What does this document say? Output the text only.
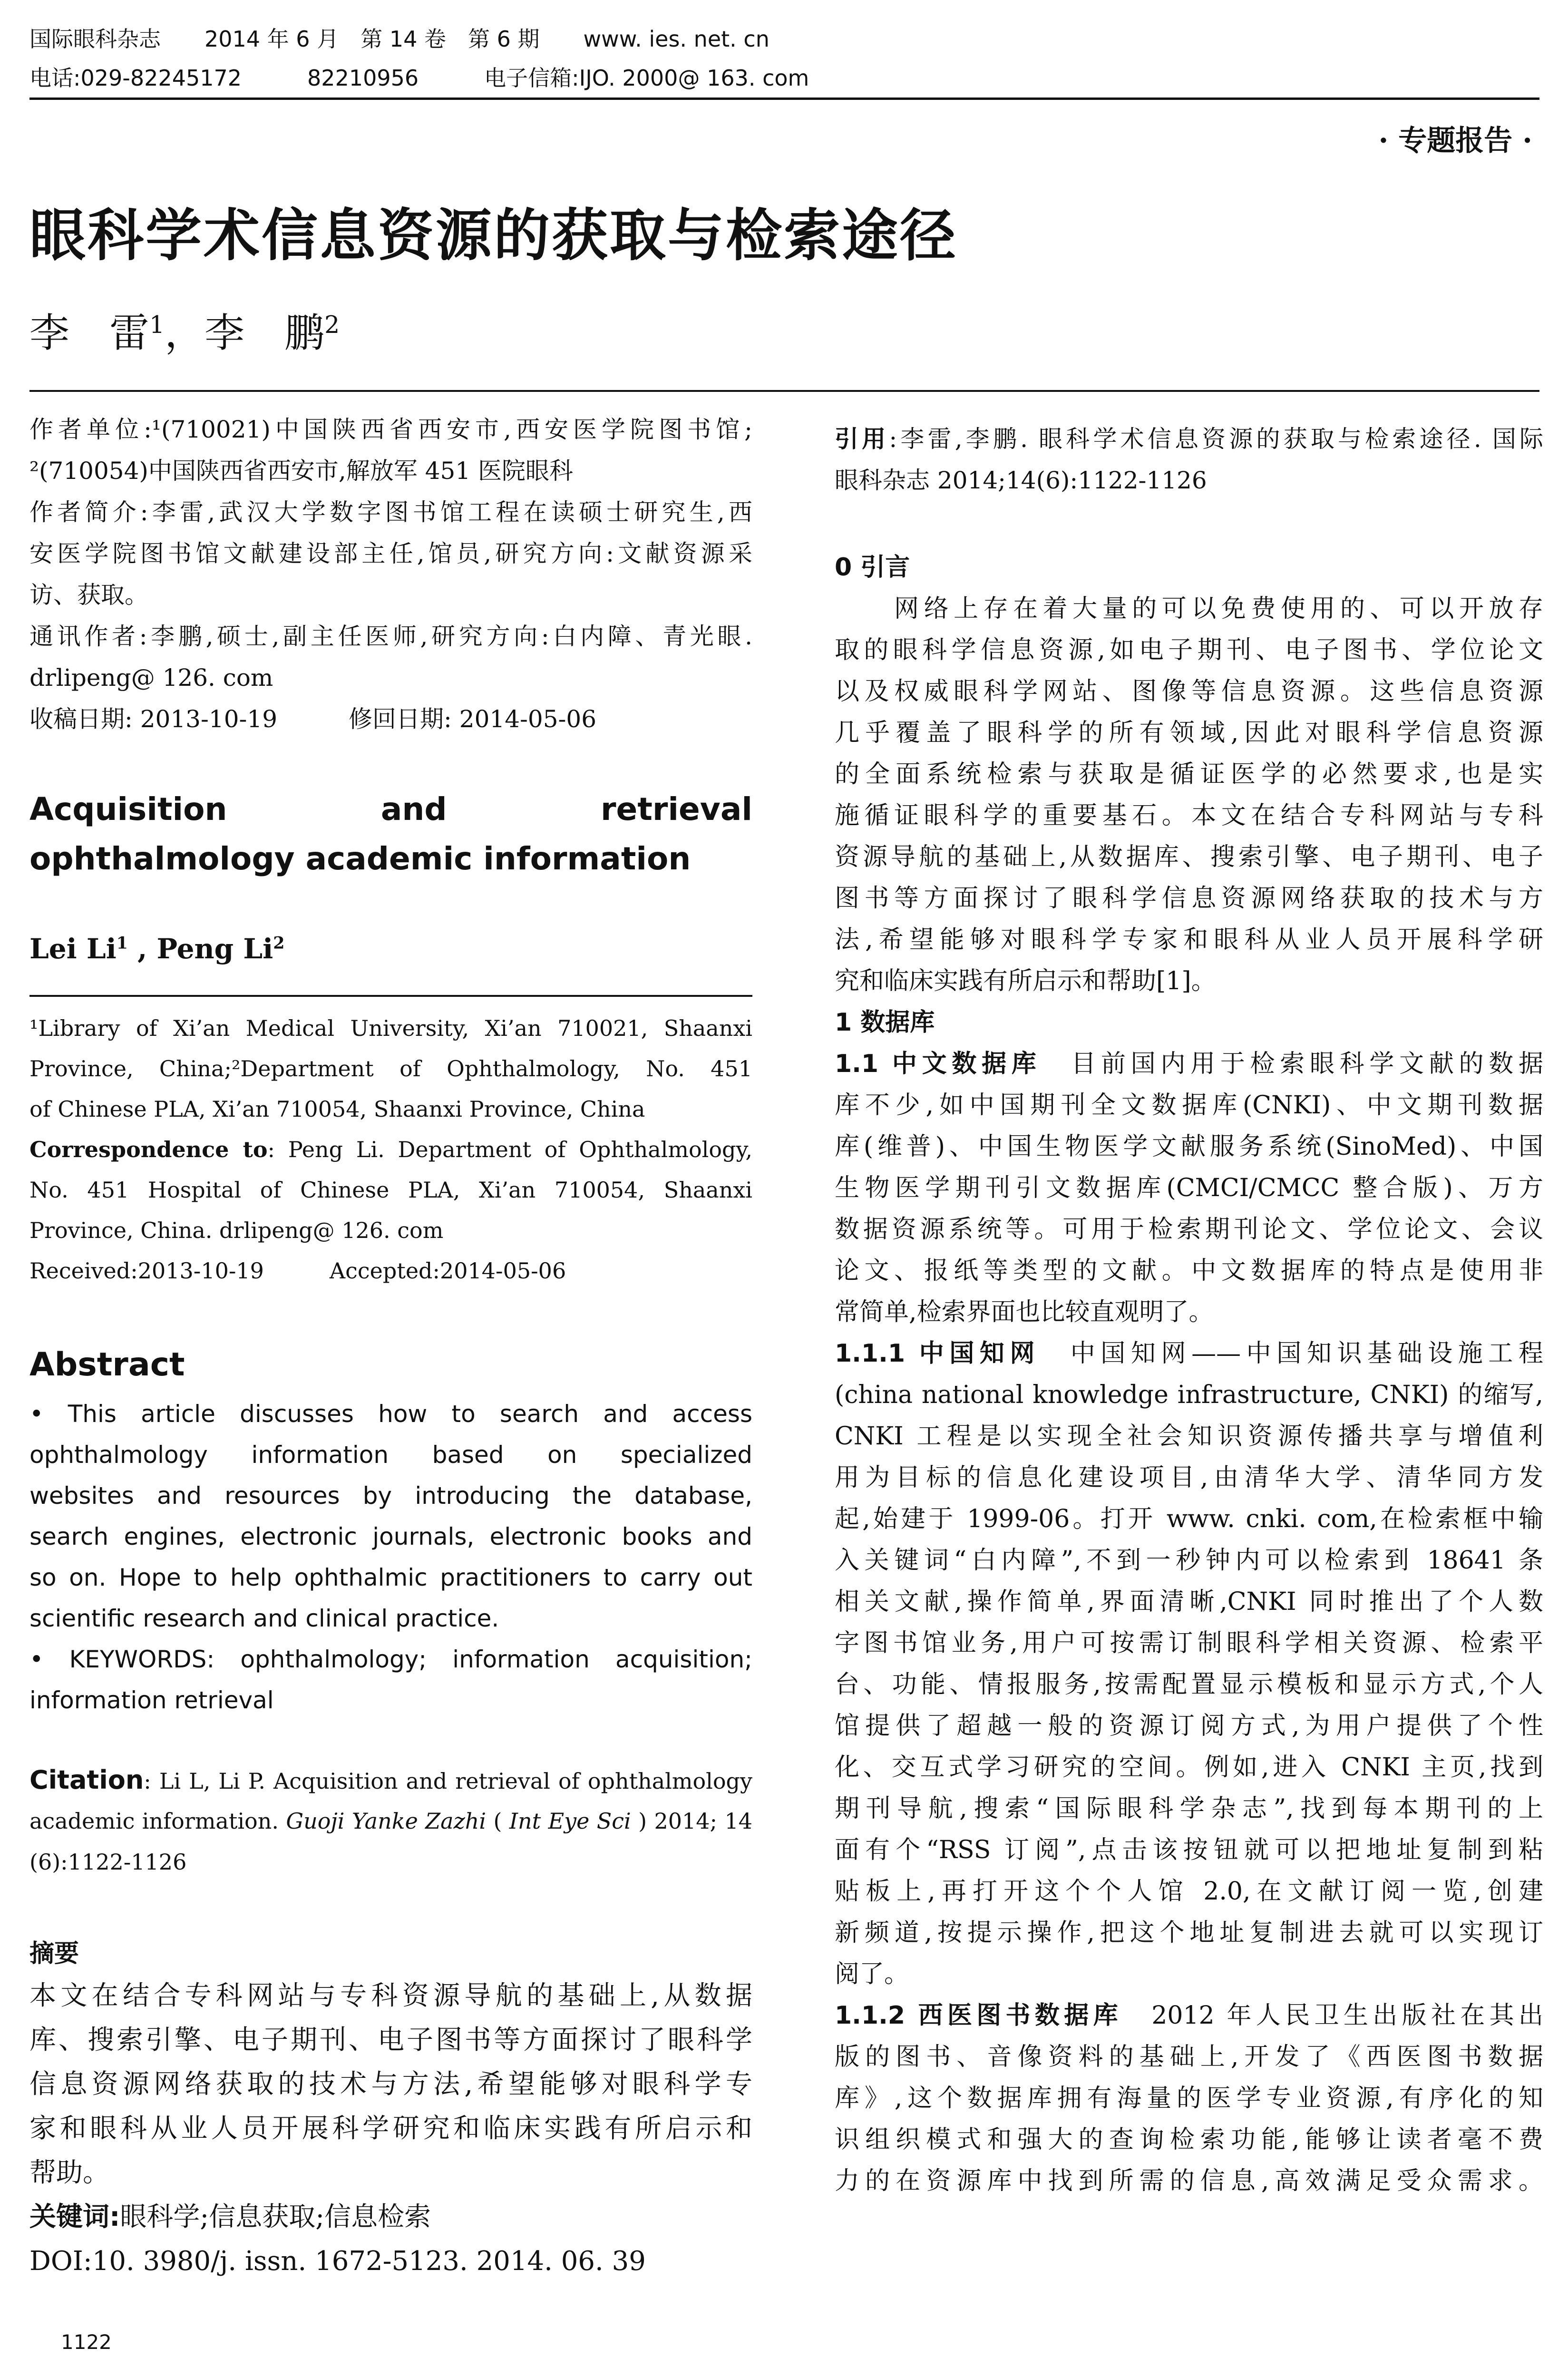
国际眼科杂志　　2014 年 6 月　第 14 卷　第 6 期　　www. ies. net. cn
电话:029-82245172　　　82210956　　　电子信箱:IJO. 2000@ 163. com
· 专题报告 ·
眼科学术信息资源的获取与检索途径
李　雷$^1$，李　鹏$^2$
作者单位:¹(710021)中国陕西省西安市,西安医学院图书馆;
²(710054)中国陕西省西安市,解放军 451 医院眼科
作者简介:李雷,武汉大学数字图书馆工程在读硕士研究生,西
安医学院图书馆文献建设部主任,馆员,研究方向:文献资源采
访、获取。
通讯作者:李鹏,硕士,副主任医师,研究方向:白内障、青光眼.
drlipeng@ 126. com
收稿日期: 2013-10-19　　　修回日期: 2014-05-06
Acquisition　　　and　　　retrieval　　　
ophthalmology academic information
Lei Li$^1$ , Peng Li$^2$
¹Library of Xi’an Medical University, Xi’an 710021, Shaanxi
Province, China;²Department of Ophthalmology, No. 451
of Chinese PLA, Xi’an 710054, Shaanxi Province, China
Correspondence to: Peng Li. Department of Ophthalmology,
No. 451 Hospital of Chinese PLA, Xi’an 710054, Shaanxi
Province, China. drlipeng@ 126. com
Received:2013-10-19　　　Accepted:2014-05-06
Abstract
• This article discusses how to search and access
ophthalmology information based on specialized
websites and resources by introducing the database,
search engines, electronic journals, electronic books and
so on. Hope to help ophthalmic practitioners to carry out
scientific research and clinical practice.
• KEYWORDS: ophthalmology; information acquisition;
information retrieval
Citation: Li L, Li P. Acquisition and retrieval of ophthalmology
academic information. Guoji Yanke Zazhi ( Int Eye Sci ) 2014; 14
(6):1122-1126
摘要
本文在结合专科网站与专科资源导航的基础上,从数据
库、搜索引擎、电子期刊、电子图书等方面探讨了眼科学
信息资源网络获取的技术与方法,希望能够对眼科学专
家和眼科从业人员开展科学研究和临床实践有所启示和
帮助。
关键词:眼科学;信息获取;信息检索
DOI:10. 3980/j. issn. 1672-5123. 2014. 06. 39
1122
引用:李雷,李鹏. 眼科学术信息资源的获取与检索途径. 国际
眼科杂志 2014;14(6):1122-1126
0 引言
　　网络上存在着大量的可以免费使用的、可以开放存
取的眼科学信息资源,如电子期刊、电子图书、学位论文
以及权威眼科学网站、图像等信息资源。这些信息资源
几乎覆盖了眼科学的所有领域,因此对眼科学信息资源
的全面系统检索与获取是循证医学的必然要求,也是实
施循证眼科学的重要基石。本文在结合专科网站与专科
资源导航的基础上,从数据库、搜索引擎、电子期刊、电子
图书等方面探讨了眼科学信息资源网络获取的技术与方
法,希望能够对眼科学专家和眼科从业人员开展科学研
究和临床实践有所启示和帮助[1]。
1 数据库
1.1 中文数据库　目前国内用于检索眼科学文献的数据
库不少,如中国期刊全文数据库(CNKI)、中文期刊数据
库(维普)、中国生物医学文献服务系统(SinoMed)、中国
生物医学期刊引文数据库(CMCI/CMCC 整合版)、万方
数据资源系统等。可用于检索期刊论文、学位论文、会议
论文、报纸等类型的文献。中文数据库的特点是使用非
常简单,检索界面也比较直观明了。
1.1.1 中国知网　中国知网——中国知识基础设施工程
(china national knowledge infrastructure, CNKI) 的缩写,
CNKI 工程是以实现全社会知识资源传播共享与增值利
用为目标的信息化建设项目,由清华大学、清华同方发
起,始建于 1999-06。打开 www. cnki. com,在检索框中输
入关键词“白内障”,不到一秒钟内可以检索到 18641 条
相关文献,操作简单,界面清晰,CNKI 同时推出了个人数
字图书馆业务,用户可按需订制眼科学相关资源、检索平
台、功能、情报服务,按需配置显示模板和显示方式,个人
馆提供了超越一般的资源订阅方式,为用户提供了个性
化、交互式学习研究的空间。例如,进入 CNKI 主页,找到
期刊导航,搜索“国际眼科学杂志”,找到每本期刊的上
面有个“RSS 订阅”,点击该按钮就可以把地址复制到粘
贴板上,再打开这个个人馆 2.0,在文献订阅一览,创建
新频道,按提示操作,把这个地址复制进去就可以实现订
阅了。
1.1.2 西医图书数据库　2012 年人民卫生出版社在其出
版的图书、音像资料的基础上,开发了《西医图书数据
库》,这个数据库拥有海量的医学专业资源,有序化的知
识组织模式和强大的查询检索功能,能够让读者毫不费
力的在资源库中找到所需的信息,高效满足受众需求。
